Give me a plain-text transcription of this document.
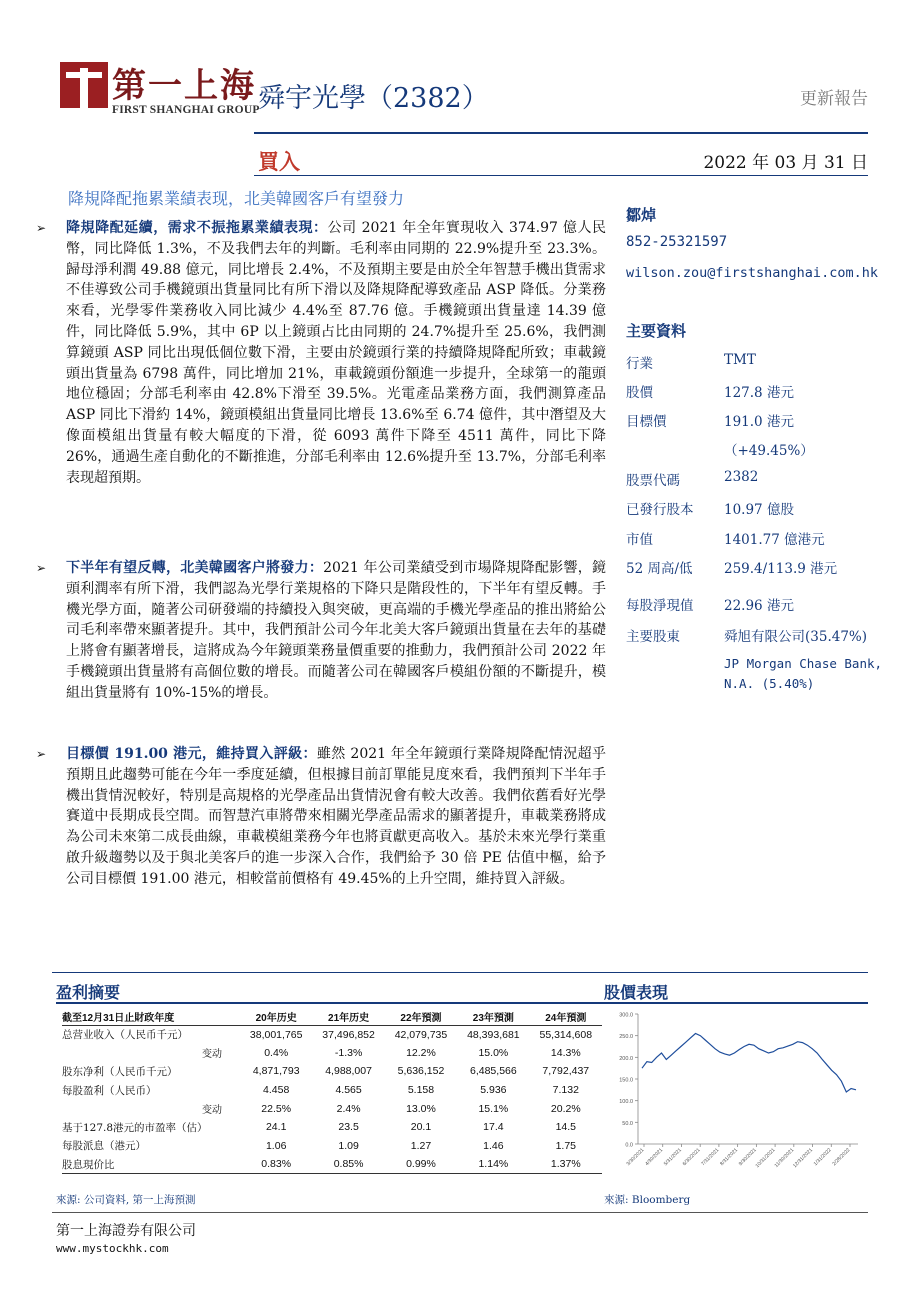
第一上海
FIRST SHANGHAI GROUP
舜宇光學（2382）	更新報告
買入	2022 年 03 月 31 日
降規降配拖累業績表现，北美韓國客戶有望發力
➢ 降規降配延續，需求不振拖累業績表現：公司 2021 年全年實現收入 374.97 億人民幣，同比降低 1.3%，不及我們去年的判斷。毛利率由同期的 22.9%提升至 23.3%。歸母淨利潤 49.88 億元，同比增長 2.4%，不及預期主要是由於全年智慧手機出貨需求不佳導致公司手機鏡頭出貨量同比有所下滑以及降規降配導致產品 ASP 降低。分業務來看，光學零件業務收入同比減少 4.4%至 87.76 億。手機鏡頭出貨量達 14.39 億件，同比降低 5.9%，其中 6P 以上鏡頭占比由同期的 24.7%提升至 25.6%，我們測算鏡頭 ASP 同比出現低個位數下滑，主要由於鏡頭行業的持續降規降配所致；車載鏡頭出貨量為 6798 萬件，同比增加 21%，車載鏡頭份額進一步提升，全球第一的龍頭地位穩固；分部毛利率由 42.8%下滑至 39.5%。光電產品業務方面，我們測算產品 ASP 同比下滑約 14%，鏡頭模組出貨量同比增長 13.6%至 6.74 億件，其中潛望及大像面模組出貨量有較大幅度的下滑，從 6093 萬件下降至 4511 萬件，同比下降 26%，通過生產自動化的不斷推進，分部毛利率由 12.6%提升至 13.7%，分部毛利率表现超預期。
➢ 下半年有望反轉，北美韓國客户將發力：2021 年公司業績受到市場降規降配影響，鏡頭利潤率有所下滑，我們認為光學行業規格的下降只是階段性的，下半年有望反轉。手機光學方面，隨著公司研發端的持續投入與突破，更高端的手機光學產品的推出將給公司毛利率帶來顯著提升。其中，我們預計公司今年北美大客戶鏡頭出貨量在去年的基礎上將會有顯著增長，這將成為今年鏡頭業務量價重要的推動力，我們預計公司 2022 年手機鏡頭出貨量將有高個位數的增長。而隨著公司在韓國客戶模組份額的不斷提升，模組出貨量將有 10%-15%的增長。
➢ 目標價 191.00 港元，維持買入評級：雖然 2021 年全年鏡頭行業降規降配情況超乎預期且此趨勢可能在今年一季度延續，但根據目前訂單能見度來看，我們預判下半年手機出貨情況較好，特別是高規格的光學產品出貨情況會有較大改善。我們依舊看好光學賽道中長期成長空間。而智慧汽車將帶來相關光學產品需求的顯著提升，車載業務將成為公司未來第二成長曲線，車載模組業務今年也將貢獻更高收入。基於未來光學行業重啟升級趨勢以及于與北美客戶的進一步深入合作，我們給予 30 倍 PE 估值中樞，給予公司目標價 191.00 港元，相較當前價格有 49.45%的上升空間，維持買入評級。
鄒焯
852-25321597
wilson.zou@firstshanghai.com.hk
主要資料
行業	TMT
股價	127.8 港元
目標價	191.0 港元
（+49.45%）
股票代碼	2382
已發行股本 10.97 億股
市值	1401.77 億港元
52 周高/低 259.4/113.9 港元
每股淨現值 22.96 港元
主要股東	舜旭有限公司(35.47%)
JP Morgan Chase Bank, N.A. (5.40%)
盈利摘要	股價表現
截至12月31日止財政年度	20年历史	21年历史	22年預測	23年預測	24年預測
总营业收入（人民币千元）	38,001,765	37,496,852	42,079,735	48,393,681	55,314,608
变动	0.4%	-1.3%	12.2%	15.0%	14.3%
股东净利（人民币千元）	4,871,793	4,988,007	5,636,152	6,485,566	7,792,437
每股盈利（人民币）	4.458	4.565	5.158	5.936	7.132
变动	22.5%	2.4%	13.0%	15.1%	20.2%
基于127.8港元的市盈率（估）	24.1	23.5	20.1	17.4	14.5
每股派息（港元）	1.06	1.09	1.27	1.46	1.75
股息現价比	0.83%	0.85%	0.99%	1.14%	1.37%
0.0
50.0
100.0
150.0
200.0
250.0
300.0
3/30/2021
4/30/2021
5/31/2021
6/30/2021
7/31/2021
8/31/2021
9/30/2021
10/31/2021
11/30/2021
12/31/2021
1/31/2022
2/28/2022
來源: 公司資料, 第一上海預測	來源: Bloomberg
第一上海證券有限公司
www.mystockhk.com
